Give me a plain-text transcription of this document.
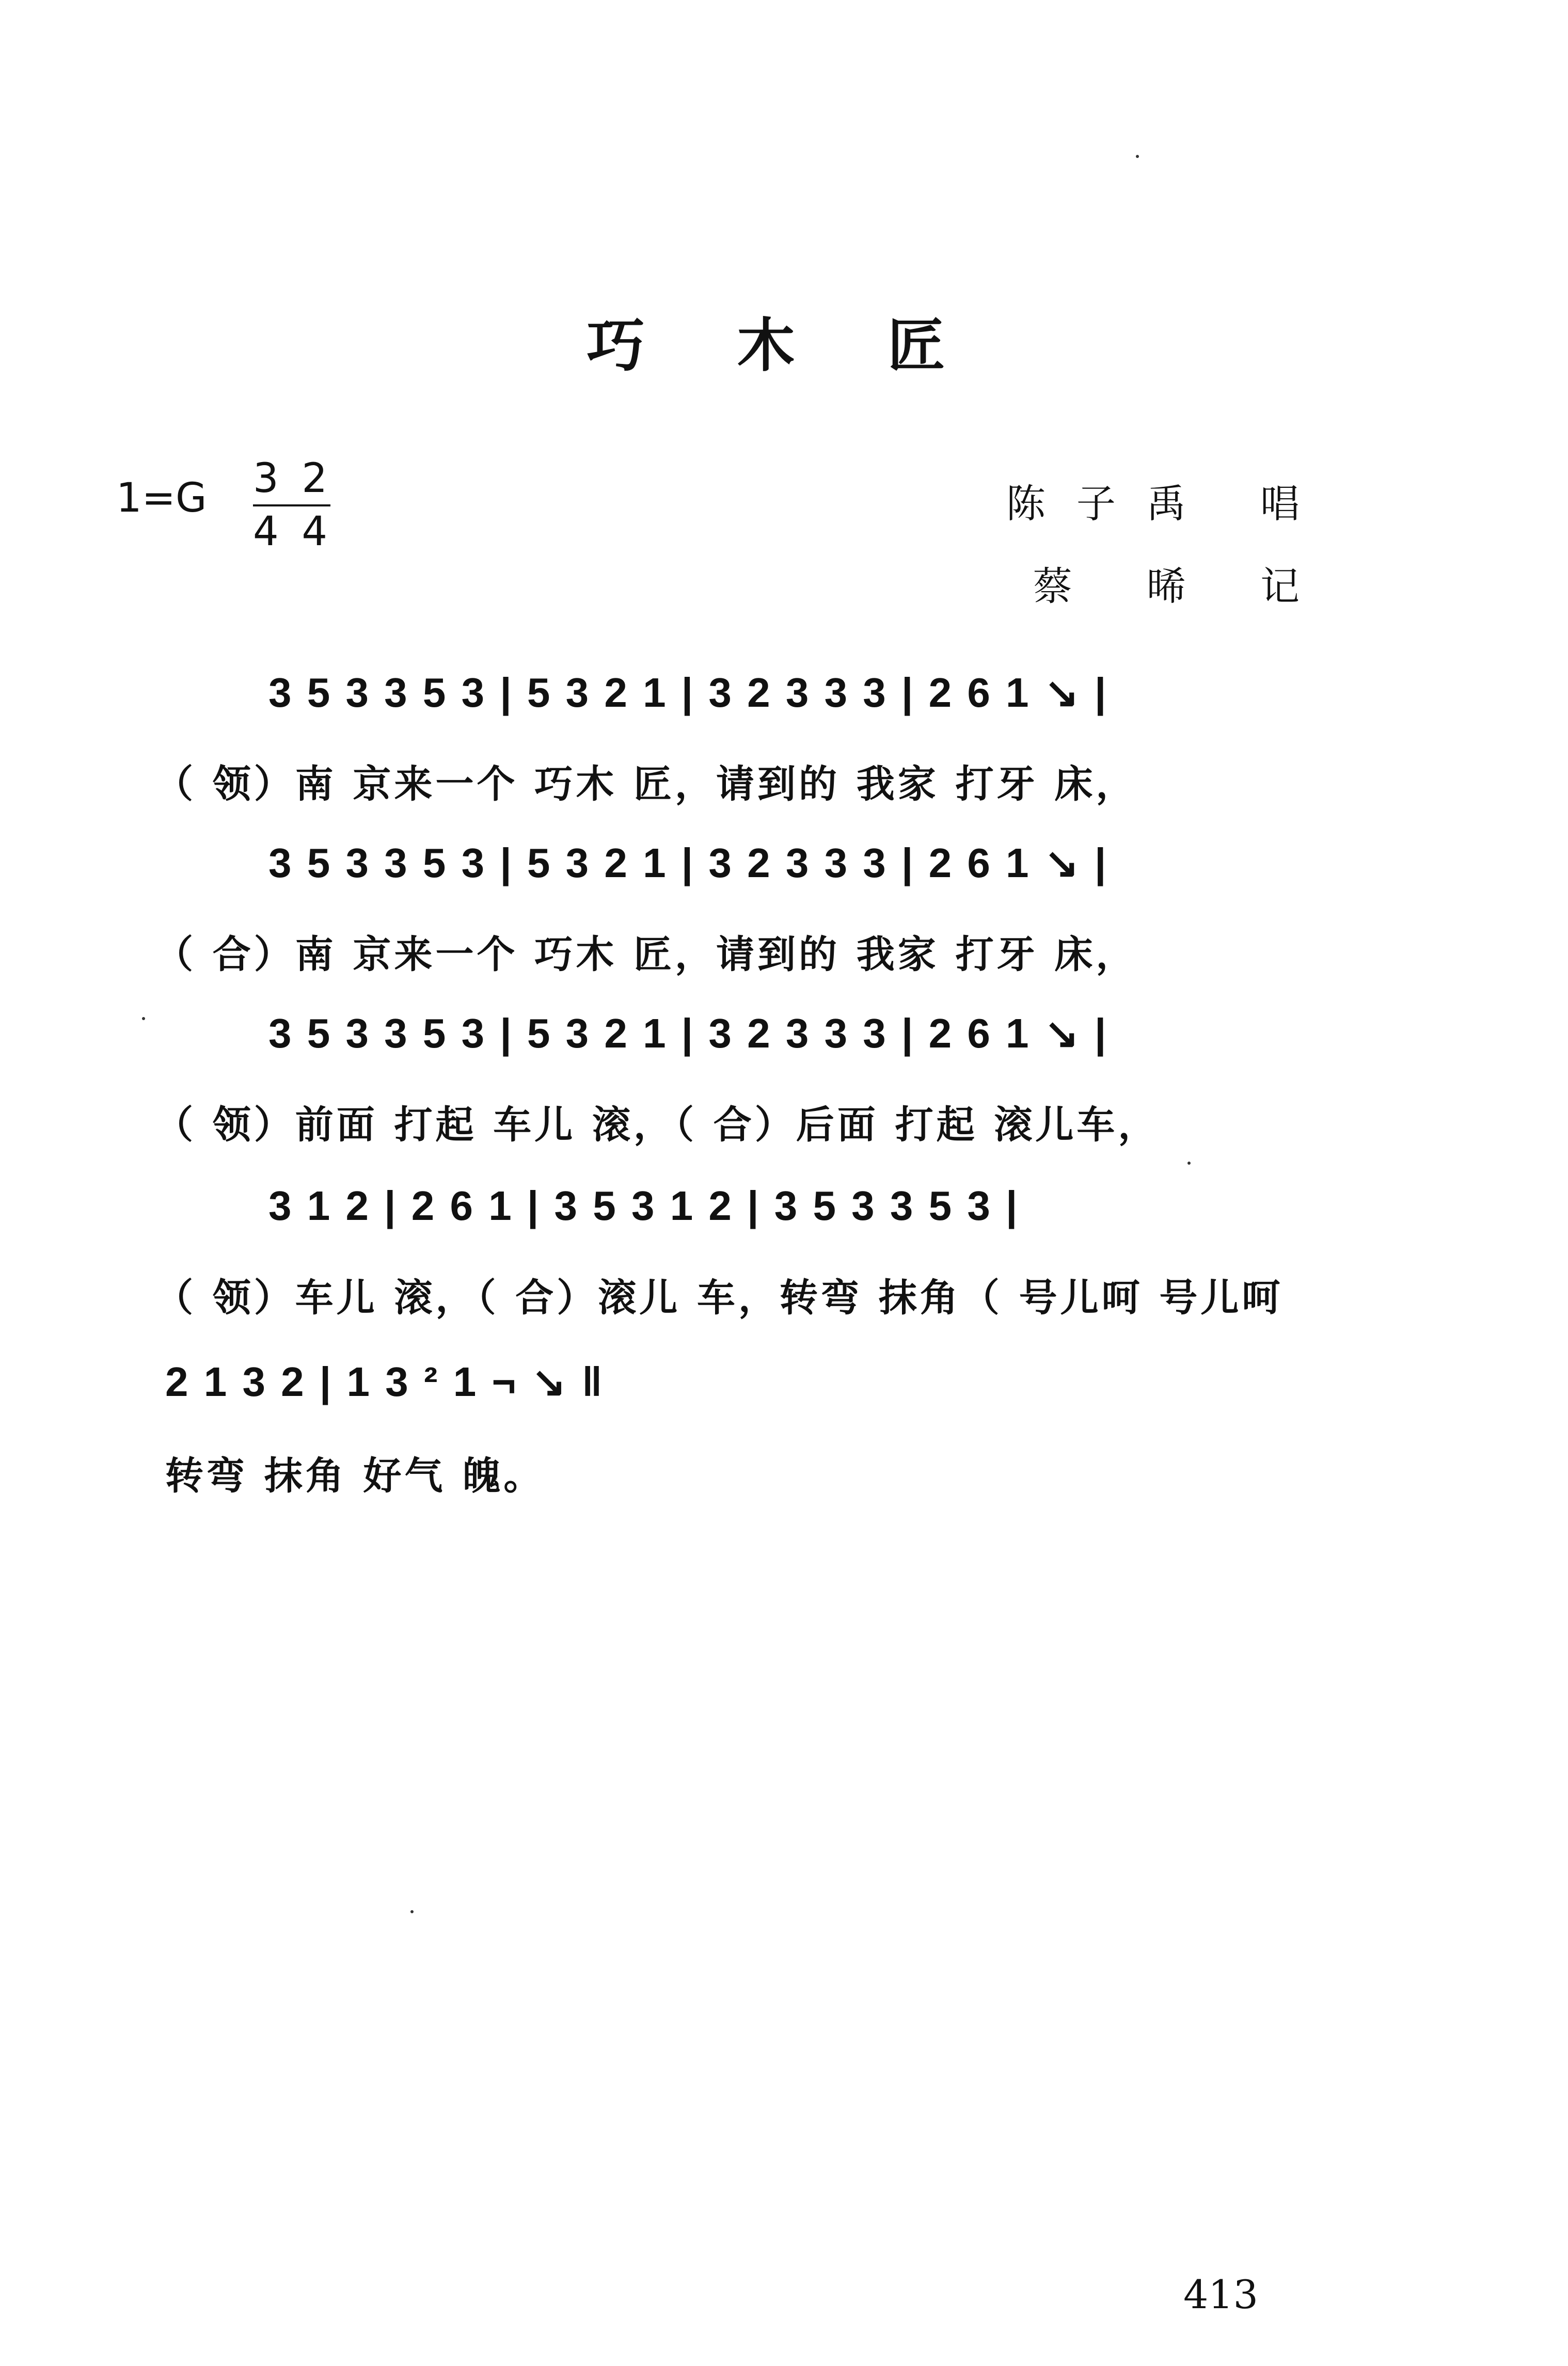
巧 木 匠
1=G 3 2
4 4
陈子禹 唱
蔡 晞 记
3 5 3 3 5 3 | 5 3 2 1 | 3 2 3 3 3 | 2 6 1 ↘ |
（ 领）南 京来一个 巧木 匠，请到的 我家 打牙 床，
3 5 3 3 5 3 | 5 3 2 1 | 3 2 3 3 3 | 2 6 1 ↘ |
（ 合）南 京来一个 巧木 匠，请到的 我家 打牙 床，
3 5 3 3 5 3 | 5 3 2 1 | 3 2 3 3 3 | 2 6 1 ↘ |
（ 领）前面 打起 车儿 滚，（ 合）后面 打起 滚儿车，
3 1 2 | 2 6 1 | 3 5 3 1 2 | 3 5 3 3 5 3 |
（ 领）车儿 滚，（ 合）滚儿 车，转弯 抹角（ 号儿呵 号儿呵
2 1 3 2 | 1 3 ² 1 ¬ ↘ ‖
转弯 抹角 好气 魄。
413
